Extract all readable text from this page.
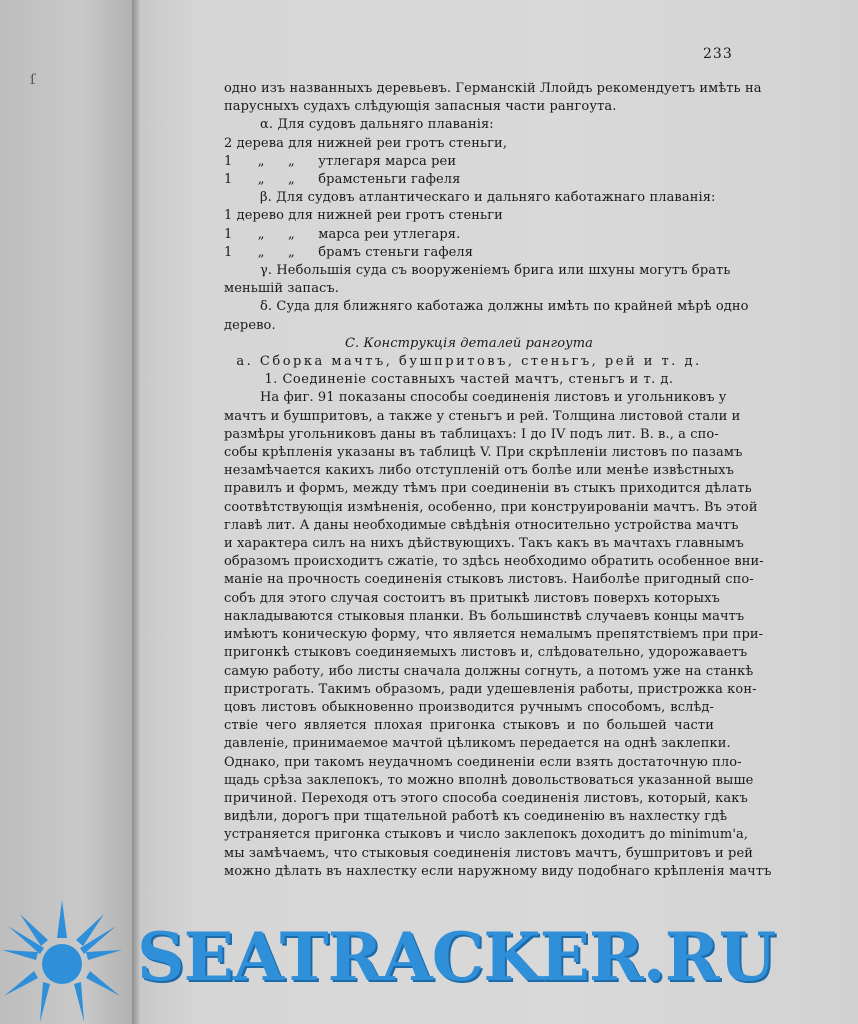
ſ
233

одно изъ названныхъ деревьевъ. Германскiй Ллойдъ рекомендуетъ имѣть на

парусныхъ судахъ слѣдующiя запасныя части рангоута.

α. Для судовъ дальняго плаванiя:

2 дерева для нижней реи гротъ стеньги,

1 „ „ утлегаря марса реи

1 „ „ брамстеньги гафеля

β. Для судовъ атлантическаго и дальняго каботажнаго плаванiя:

1 дерево для нижней реи гротъ стеньги

1 „ „ марса реи утлегаря.

1 „ „ брамъ стеньги гафеля

γ. Небольшiя суда съ вооруженiемъ брига или шхуны могутъ брать

меньшiй запасъ.

δ. Суда для ближняго каботажа должны имѣть по крайней мѣрѣ одно

дерево.

С. Конструкцiя деталей рангоута

а. Сборка мачтъ, бушпритовъ, стеньгъ, рей и т. д.

1. Соединенiе составныхъ частей мачтъ, стеньгъ и т. д.

На фиг. 91 показаны способы соединенiя листовъ и угольниковъ у

мачтъ и бушпритовъ, а также у стеньгъ и рей. Толщина листовой стали и

размѣры угольниковъ даны въ таблицахъ: I до IV подъ лит. В. в., а спо-

собы крѣпленiя указаны въ таблицѣ V. При скрѣпленiи листовъ по пазамъ

незамѣчается какихъ либо отступленiй отъ болѣе или менѣе извѣстныхъ

правилъ и формъ, между тѣмъ при соединенiи въ стыкъ приходится дѣлать

соотвѣтствующiя измѣненiя, особенно, при конструированiи мачтъ. Въ этой

главѣ лит. А даны необходимые свѣдѣнiя относительно устройства мачтъ

и характера силъ на нихъ дѣйствующихъ. Такъ какъ въ мачтахъ главнымъ

образомъ происходитъ сжатiе, то здѣсь необходимо обратить особенное вни-

манiе на прочность соединенiя стыковъ листовъ. Наиболѣе пригодный спо-

собъ для этого случая состоитъ въ притыкѣ листовъ поверхъ которыхъ

накладываются стыковыя планки. Въ большинствѣ случаевъ концы мачтъ

имѣютъ коническую форму, что является немалымъ препятствiемъ при при-

пригонкѣ стыковъ соединяемыхъ листовъ и, слѣдовательно, удорожаваетъ

самую работу, ибо листы сначала должны согнуть, а потомъ уже на станкѣ

пристрогать. Такимъ образомъ, ради удешевленiя работы, пристрожка кон-

цовъ листовъ обыкновенно производится ручнымъ способомъ, вслѣд-

ствiе чего является плохая пригонка стыковъ и по большей части

давленiе, принимаемое мачтой цѣликомъ передается на однѣ заклепки.

Однако, при такомъ неудачномъ соединенiи если взять достаточную пло-

щадь срѣза заклепокъ, то можно вполнѣ довольствоваться указанной выше

причиной. Переходя отъ этого способа соединенiя листовъ, который, какъ

видѣли, дорогъ при тщательной работѣ къ соединенiю въ нахлестку гдѣ

устраняется пригонка стыковъ и число заклепокъ доходитъ до minimum'а,

мы замѣчаемъ, что стыковыя соединенiя листовъ мачтъ, бушпритовъ и рей

можно дѣлать въ нахлестку если наружному виду подобнаго крѣпленiя мачтъ

SEATRACKER.RU
